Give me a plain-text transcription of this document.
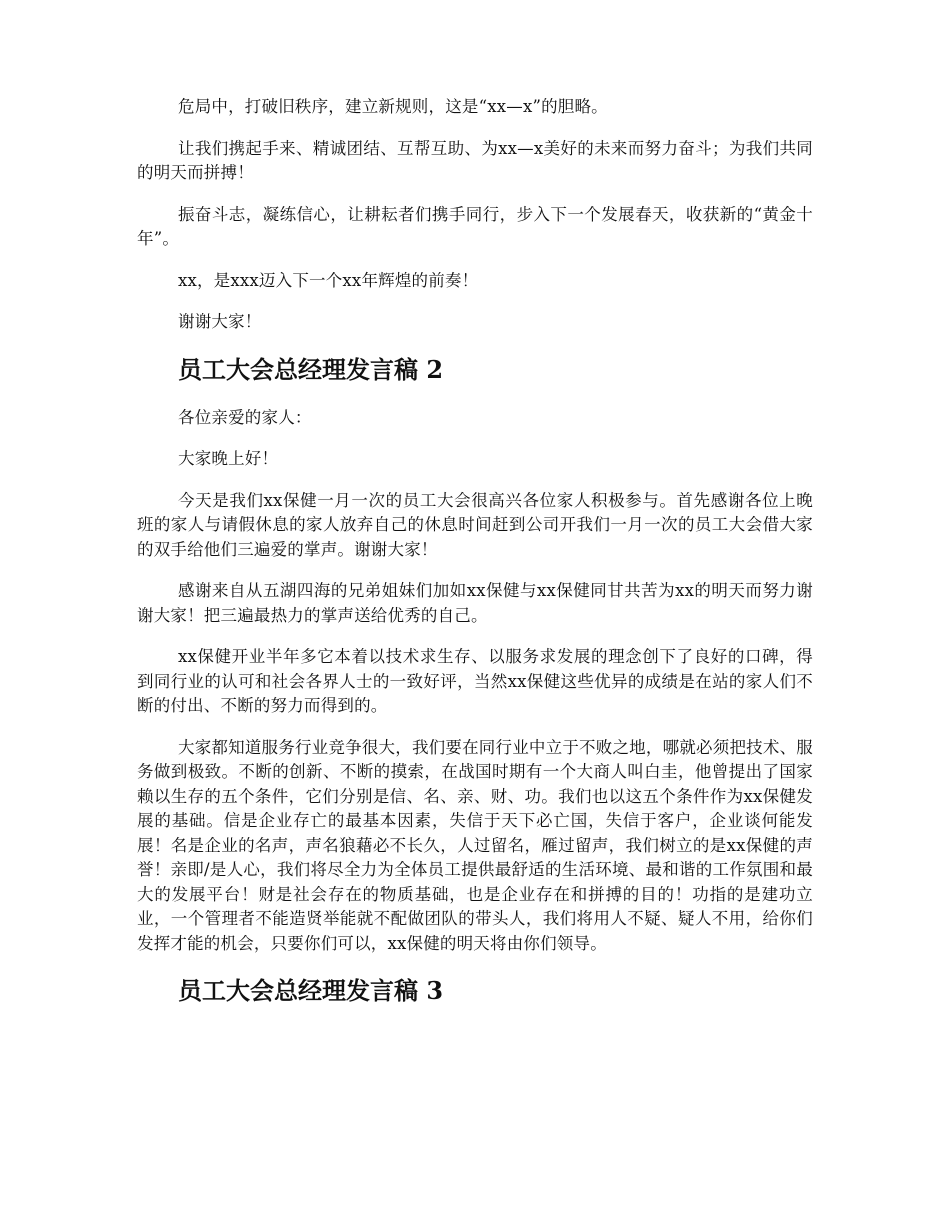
危局中，打破旧秩序，建立新规则，这是“xx—x”的胆略。

让我们携起手来、精诚团结、互帮互助、为xx—x美好的未来而努力奋斗；为我们共同的明天而拼搏！

振奋斗志，凝练信心，让耕耘者们携手同行，步入下一个发展春天，收获新的“黄金十年”。

xx，是xxx迈入下一个xx年辉煌的前奏！

谢谢大家！

员工大会总经理发言稿 2

各位亲爱的家人：

大家晚上好！

今天是我们xx保健一月一次的员工大会很高兴各位家人积极参与。首先感谢各位上晚班的家人与请假休息的家人放弃自己的休息时间赶到公司开我们一月一次的员工大会借大家的双手给他们三遍爱的掌声。谢谢大家！

感谢来自从五湖四海的兄弟姐妹们加如xx保健与xx保健同甘共苦为xx的明天而努力谢谢大家！把三遍最热力的掌声送给优秀的自己。

xx保健开业半年多它本着以技术求生存、以服务求发展的理念创下了良好的口碑，得到同行业的认可和社会各界人士的一致好评，当然xx保健这些优异的成绩是在站的家人们不断的付出、不断的努力而得到的。

大家都知道服务行业竞争很大，我们要在同行业中立于不败之地，哪就必须把技术、服务做到极致。不断的创新、不断的摸索，在战国时期有一个大商人叫白圭，他曾提出了国家赖以生存的五个条件，它们分别是信、名、亲、财、功。我们也以这五个条件作为xx保健发展的基础。信是企业存亡的最基本因素，失信于天下必亡国，失信于客户，企业谈何能发展！名是企业的名声，声名狼藉必不长久，人过留名，雁过留声，我们树立的是xx保健的声誉！亲即/是人心，我们将尽全力为全体员工提供最舒适的生活环境、最和谐的工作氛围和最大的发展平台！财是社会存在的物质基础，也是企业存在和拼搏的目的！功指的是建功立业，一个管理者不能造贤举能就不配做团队的带头人，我们将用人不疑、疑人不用，给你们发挥才能的机会，只要你们可以，xx保健的明天将由你们领导。

员工大会总经理发言稿 3
